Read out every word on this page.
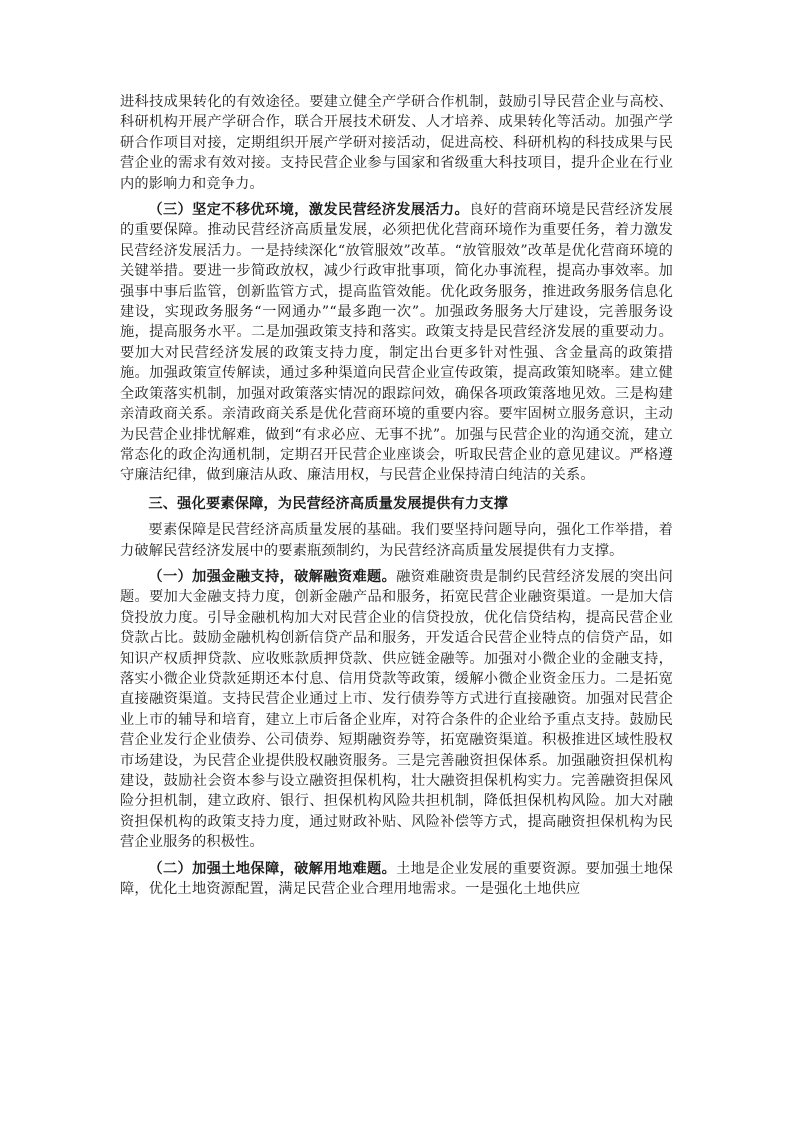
进科技成果转化的有效途径。要建立健全产学研合作机制，鼓励引导民营企业与高校、科研机构开展产学研合作，联合开展技术研发、人才培养、成果转化等活动。加强产学研合作项目对接，定期组织开展产学研对接活动，促进高校、科研机构的科技成果与民营企业的需求有效对接。支持民营企业参与国家和省级重大科技项目，提升企业在行业内的影响力和竞争力。

（三）坚定不移优环境，激发民营经济发展活力。良好的营商环境是民营经济发展的重要保障。推动民营经济高质量发展，必须把优化营商环境作为重要任务，着力激发民营经济发展活力。一是持续深化“放管服效”改革。“放管服效”改革是优化营商环境的关键举措。要进一步简政放权，减少行政审批事项，简化办事流程，提高办事效率。加强事中事后监管，创新监管方式，提高监管效能。优化政务服务，推进政务服务信息化建设，实现政务服务“一网通办”“最多跑一次”。加强政务服务大厅建设，完善服务设施，提高服务水平。二是加强政策支持和落实。政策支持是民营经济发展的重要动力。要加大对民营经济发展的政策支持力度，制定出台更多针对性强、含金量高的政策措施。加强政策宣传解读，通过多种渠道向民营企业宣传政策，提高政策知晓率。建立健全政策落实机制，加强对政策落实情况的跟踪问效，确保各项政策落地见效。三是构建亲清政商关系。亲清政商关系是优化营商环境的重要内容。要牢固树立服务意识，主动为民营企业排忧解难，做到“有求必应、无事不扰”。加强与民营企业的沟通交流，建立常态化的政企沟通机制，定期召开民营企业座谈会，听取民营企业的意见建议。严格遵守廉洁纪律，做到廉洁从政、廉洁用权，与民营企业保持清白纯洁的关系。

三、强化要素保障，为民营经济高质量发展提供有力支撑

要素保障是民营经济高质量发展的基础。我们要坚持问题导向，强化工作举措，着力破解民营经济发展中的要素瓶颈制约，为民营经济高质量发展提供有力支撑。

（一）加强金融支持，破解融资难题。融资难融资贵是制约民营经济发展的突出问题。要加大金融支持力度，创新金融产品和服务，拓宽民营企业融资渠道。一是加大信贷投放力度。引导金融机构加大对民营企业的信贷投放，优化信贷结构，提高民营企业贷款占比。鼓励金融机构创新信贷产品和服务，开发适合民营企业特点的信贷产品，如知识产权质押贷款、应收账款质押贷款、供应链金融等。加强对小微企业的金融支持，落实小微企业贷款延期还本付息、信用贷款等政策，缓解小微企业资金压力。二是拓宽直接融资渠道。支持民营企业通过上市、发行债券等方式进行直接融资。加强对民营企业上市的辅导和培育，建立上市后备企业库，对符合条件的企业给予重点支持。鼓励民营企业发行企业债券、公司债券、短期融资券等，拓宽融资渠道。积极推进区域性股权市场建设，为民营企业提供股权融资服务。三是完善融资担保体系。加强融资担保机构建设，鼓励社会资本参与设立融资担保机构，壮大融资担保机构实力。完善融资担保风险分担机制，建立政府、银行、担保机构风险共担机制，降低担保机构风险。加大对融资担保机构的政策支持力度，通过财政补贴、风险补偿等方式，提高融资担保机构为民营企业服务的积极性。

（二）加强土地保障，破解用地难题。土地是企业发展的重要资源。要加强土地保障，优化土地资源配置，满足民营企业合理用地需求。一是强化土地供应
